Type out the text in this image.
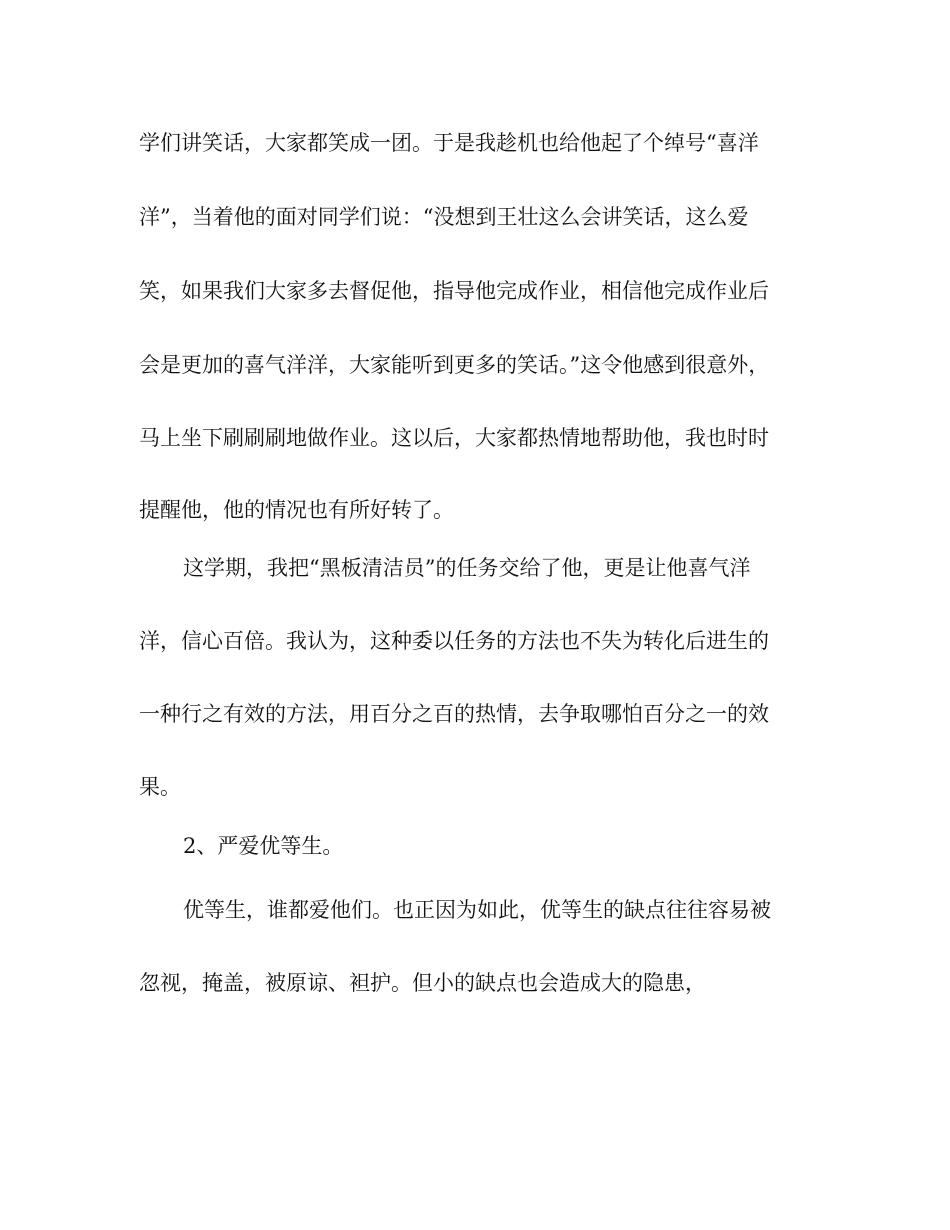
学们讲笑话，大家都笑成一团。于是我趁机也给他起了个绰号“喜洋

洋”，当着他的面对同学们说：“没想到王壮这么会讲笑话，这么爱

笑，如果我们大家多去督促他，指导他完成作业，相信他完成作业后

会是更加的喜气洋洋，大家能听到更多的笑话。”这令他感到很意外，

马上坐下刷刷刷地做作业。这以后，大家都热情地帮助他，我也时时

提醒他，他的情况也有所好转了。

这学期，我把“黑板清洁员”的任务交给了他，更是让他喜气洋

洋，信心百倍。我认为，这种委以任务的方法也不失为转化后进生的

一种行之有效的方法，用百分之百的热情，去争取哪怕百分之一的效

果。

2、严爱优等生。

优等生，谁都爱他们。也正因为如此，优等生的缺点往往容易被

忽视，掩盖，被原谅、袒护。但小的缺点也会造成大的隐患，
